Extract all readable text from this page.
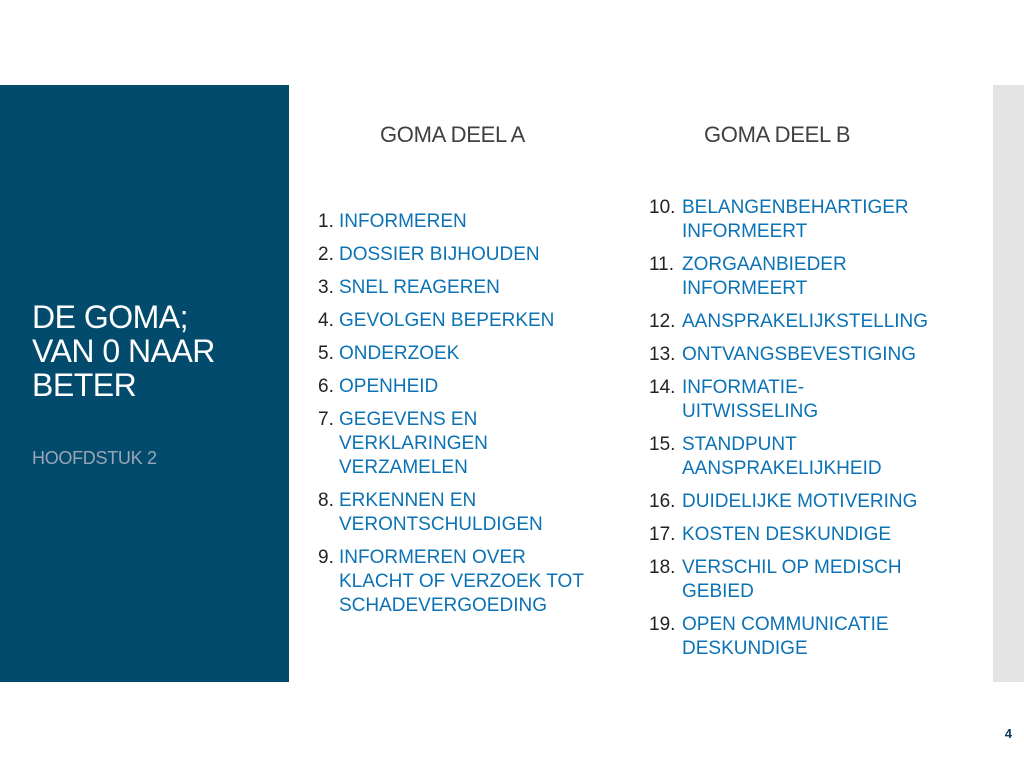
DE GOMA;
VAN 0 NAAR
BETER
HOOFDSTUK 2
GOMA DEEL A	GOMA DEEL B
1. INFORMEREN
2. DOSSIER BIJHOUDEN
3. SNEL REAGEREN
4. GEVOLGEN BEPERKEN
5. ONDERZOEK
6. OPENHEID
7. GEGEVENS EN VERKLARINGEN VERZAMELEN
8. ERKENNEN EN VERONTSCHULDIGEN
9. INFORMEREN OVER KLACHT OF VERZOEK TOT SCHADEVERGOEDING
10. BELANGENBEHARTIGER INFORMEERT
11. ZORGAANBIEDER INFORMEERT
12. AANSPRAKELIJKSTELLING
13. ONTVANGSBEVESTIGING
14. INFORMATIE-UITWISSELING
15. STANDPUNT AANSPRAKELIJKHEID
16. DUIDELIJKE MOTIVERING
17. KOSTEN DESKUNDIGE
18. VERSCHIL OP MEDISCH GEBIED
19. OPEN COMMUNICATIE DESKUNDIGE
4
